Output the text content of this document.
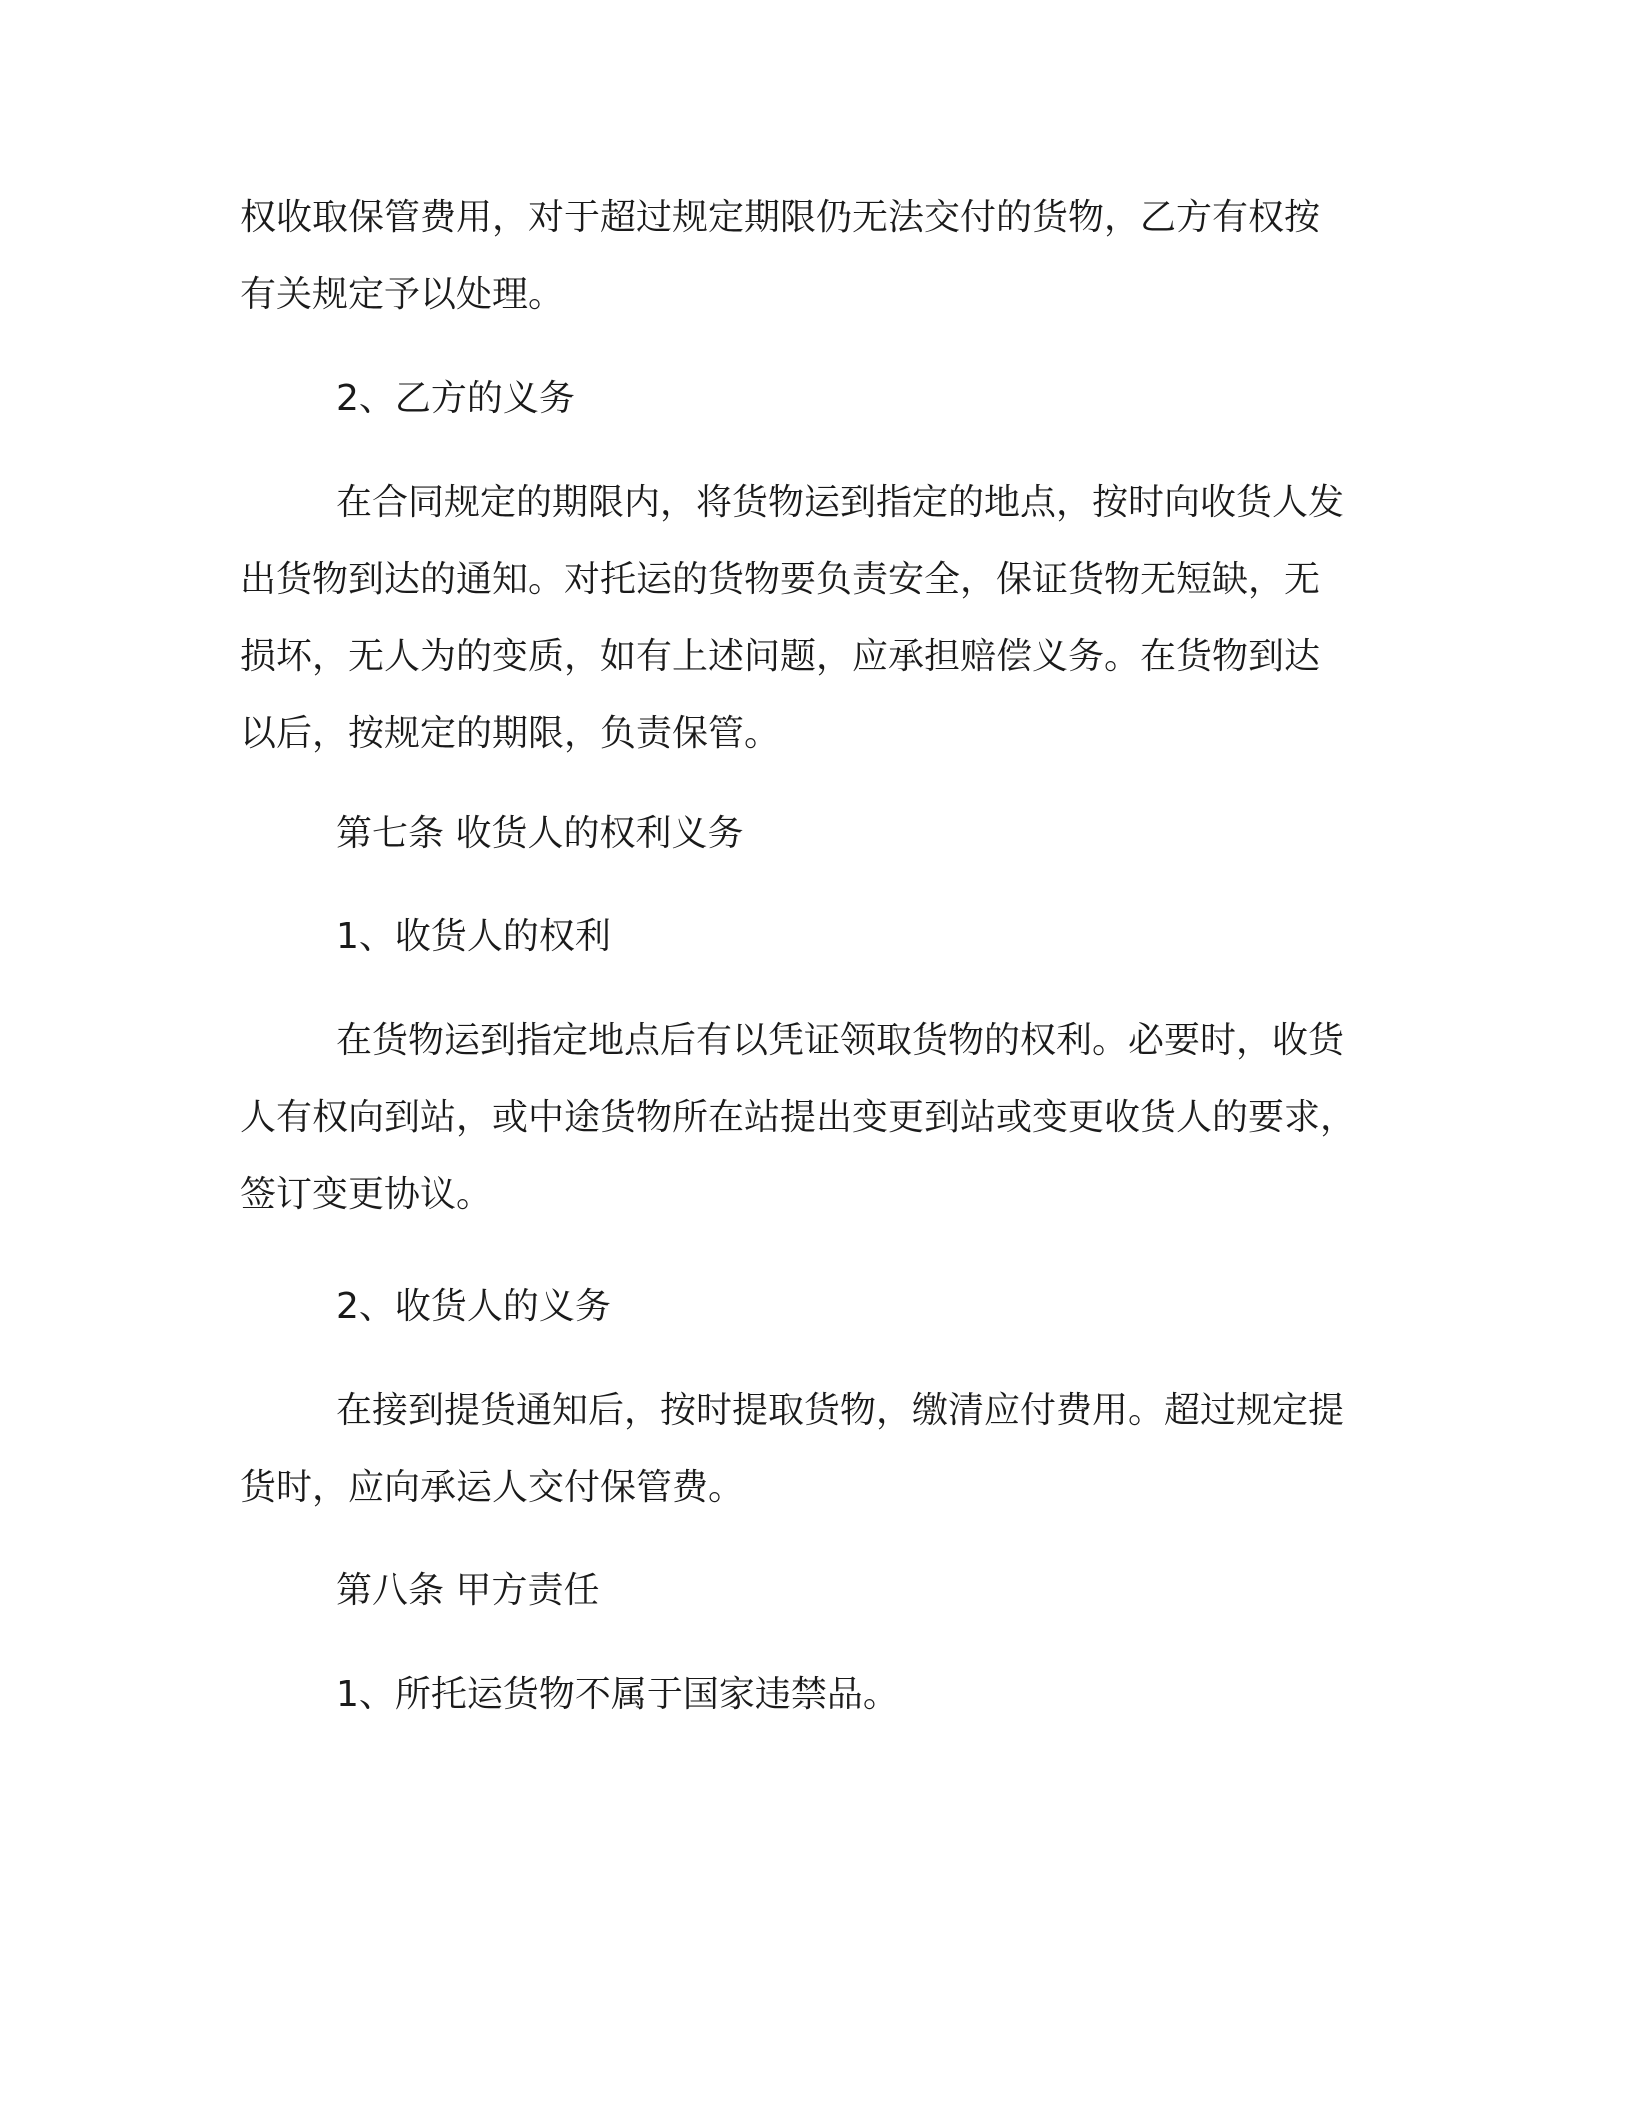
权收取保管费用，对于超过规定期限仍无法交付的货物，乙方有权按
有关规定予以处理。

2、乙方的义务

在合同规定的期限内，将货物运到指定的地点，按时向收货人发
出货物到达的通知。对托运的货物要负责安全，保证货物无短缺，无
损坏，无人为的变质，如有上述问题，应承担赔偿义务。在货物到达
以后，按规定的期限，负责保管。

第七条 收货人的权利义务

1、收货人的权利

在货物运到指定地点后有以凭证领取货物的权利。必要时，收货
人有权向到站，或中途货物所在站提出变更到站或变更收货人的要求，
签订变更协议。

2、收货人的义务

在接到提货通知后，按时提取货物，缴清应付费用。超过规定提
货时，应向承运人交付保管费。

第八条 甲方责任

1、所托运货物不属于国家违禁品。
